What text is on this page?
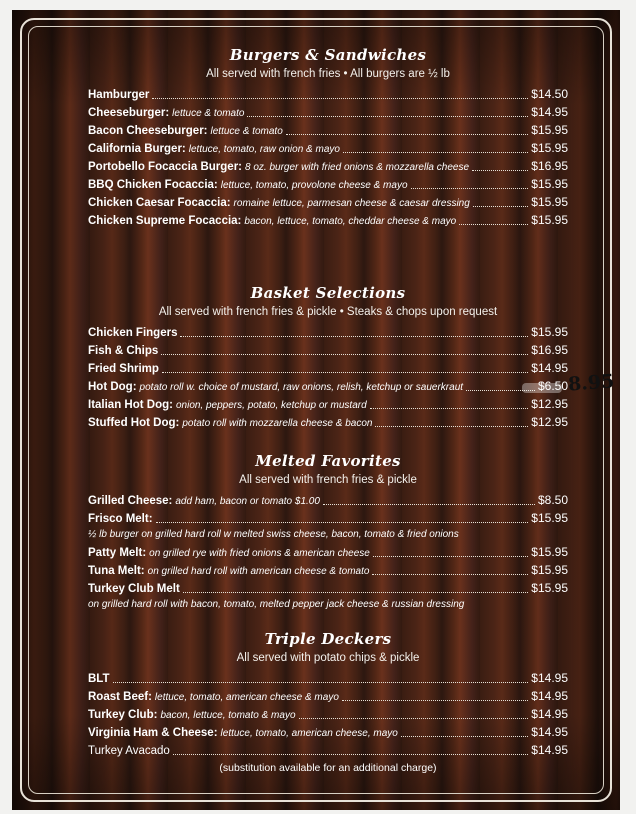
Burgers & Sandwiches
All served with french fries • All burgers are ½ lb
Hamburger	$14.50
Cheeseburger: lettuce & tomato	$14.95
Bacon Cheeseburger: lettuce & tomato	$15.95
California Burger: lettuce, tomato, raw onion & mayo	$15.95
Portobello Focaccia Burger: 8 oz. burger with fried onions & mozzarella cheese	$16.95
BBQ Chicken Focaccia: lettuce, tomato, provolone cheese & mayo	$15.95
Chicken Caesar Focaccia: romaine lettuce, parmesan cheese & caesar dressing	$15.95
Chicken Supreme Focaccia: bacon, lettuce, tomato, cheddar cheese & mayo	$15.95
Basket Selections
All served with french fries & pickle • Steaks & chops upon request
Chicken Fingers	$15.95
Fish & Chips	$16.95
Fried Shrimp	$14.95
Hot Dog: potato roll w. choice of mustard, raw onions, relish, ketchup or sauerkraut	$6.50
Italian Hot Dog: onion, peppers, potato, ketchup or mustard	$12.95
Stuffed Hot Dog: potato roll with mozzarella cheese & bacon	$12.95
Melted Favorites
All served with french fries & pickle
Grilled Cheese: add ham, bacon or tomato $1.00	$8.50
Frisco Melt:	$15.95
½ lb burger on grilled hard roll w melted swiss cheese, bacon, tomato & fried onions
Patty Melt: on grilled rye with fried onions & american cheese	$15.95
Tuna Melt: on grilled hard roll with american cheese & tomato	$15.95
Turkey Club Melt	$15.95
on grilled hard roll with bacon, tomato, melted pepper jack cheese & russian dressing
Triple Deckers
All served with potato chips & pickle
BLT	$14.95
Roast Beef: lettuce, tomato, american cheese & mayo	$14.95
Turkey Club: bacon, lettuce, tomato & mayo	$14.95
Virginia Ham & Cheese: lettuce, tomato, american cheese, mayo	$14.95
Turkey Avacado	$14.95
(substitution available for an additional charge)
8.95
